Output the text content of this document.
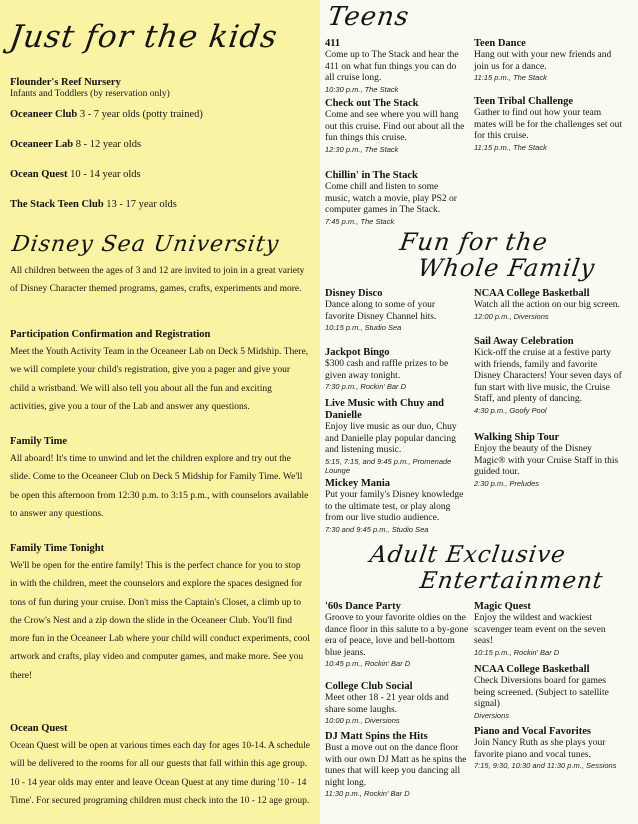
Just for the kids

Flounder's Reef Nursery

Infants and Toddlers (by reservation only)

Oceaneer Club 3 - 7 year olds (potty trained)
Oceaneer Lab 8 - 12 year olds
Ocean Quest 10 - 14 year olds
The Stack Teen Club 13 - 17 year olds
Disney Sea University

All children between the ages of 3 and 12 are invited to join in a great variety of Disney Character themed programs, games, crafts, experiments and more.

Participation Confirmation and Registration

Meet the Youth Activity Team in the Oceaneer Lab on Deck 5 Midship. There, we will complete your child's registration, give you a pager and give your child a wristband. We will also tell you about all the fun and exciting activities, give you a tour of the Lab and answer any questions.

Family Time

All aboard! It's time to unwind and let the children explore and try out the slide. Come to the Oceaneer Club on Deck 5 Midship for Family Time. We'll be open this afternoon from 12:30 p.m. to 3:15 p.m., with counselors available to answer any questions.

Family Time Tonight

We'll be open for the entire family! This is the perfect chance for you to stop in with the children, meet the counselors and explore the spaces designed for tons of fun during your cruise. Don't miss the Captain's Closet, a climb up to the Crow's Nest and a zip down the slide in the Oceaneer Club. You'll find more fun in the Oceaneer Lab where your child will conduct experiments, cool artwork and crafts, play video and computer games, and make more. See you there!

Ocean Quest

Ocean Quest will be open at various times each day for ages 10-14. A schedule will be delivered to the rooms for all our guests that fall within this age group. 10 - 14 year olds may enter and leave Ocean Quest at any time during '10 - 14 Time'. For secured programing children must check into the 10 - 12 age group.

Teens

411

Come up to The Stack and hear the 411 on what fun things you can do all cruise long.

10:30 p.m., The Stack

Check out The Stack

Come and see where you will hang out this cruise. Find out about all the fun things this cruise.

12:30 p.m., The Stack

Chillin' in The Stack

Come chill and listen to some music, watch a movie, play PS2 or computer games in The Stack.

7:45 p.m., The Stack

Teen Dance

Hang out with your new friends and join us for a dance.

11:15 p.m., The Stack

Teen Tribal Challenge

Gather to find out how your team mates will be for the challenges set out for this cruise.

11:15 p.m., The Stack

Fun for the
Whole Family

Disney Disco

Dance along to some of your favorite Disney Channel hits.

10:15 p.m., Studio Sea

Jackpot Bingo

$300 cash and raffle prizes to be given away tonight.

7:30 p.m., Rockin' Bar D

Live Music with Chuy and Danielle

Enjoy live music as our duo, Chuy and Danielle play popular dancing and listening music.

5:15, 7:15, and 9:45 p.m., Promenade Lounge

Mickey Mania

Put your family's Disney knowledge to the ultimate test, or play along from our live studio audience.

7:30 and 9:45 p.m., Studio Sea

NCAA College Basketball

Watch all the action on our big screen.

12:00 p.m., Diversions

Sail Away Celebration

Kick-off the cruise at a festive party with friends, family and favorite Disney Characters! Your seven days of fun start with live music, the Cruise Staff, and plenty of dancing.

4:30 p.m., Goofy Pool

Walking Ship Tour

Enjoy the beauty of the Disney Magic® with your Cruise Staff in this guided tour.

2:30 p.m., Preludes

Adult Exclusive
Entertainment

'60s Dance Party

Groove to your favorite oldies on the dance floor in this salute to a by-gone era of peace, love and bell-bottom blue jeans.

10:45 p.m., Rockin' Bar D

College Club Social

Meet other 18 - 21 year olds and share some laughs.

10:00 p.m., Diversions

DJ Matt Spins the Hits

Bust a move out on the dance floor with our own DJ Matt as he spins the tunes that will keep you dancing all night long.

11:30 p.m., Rockin' Bar D

Magic Quest

Enjoy the wildest and wackiest scavenger team event on the seven seas!

10:15 p.m., Rockin' Bar D

NCAA College Basketball

Check Diversions board for games being screened. (Subject to satellite signal)

Diversions

Piano and Vocal Favorites

Join Nancy Ruth as she plays your favorite piano and vocal tunes.

7:15, 9:30, 10:30 and 11:30 p.m., Sessions
